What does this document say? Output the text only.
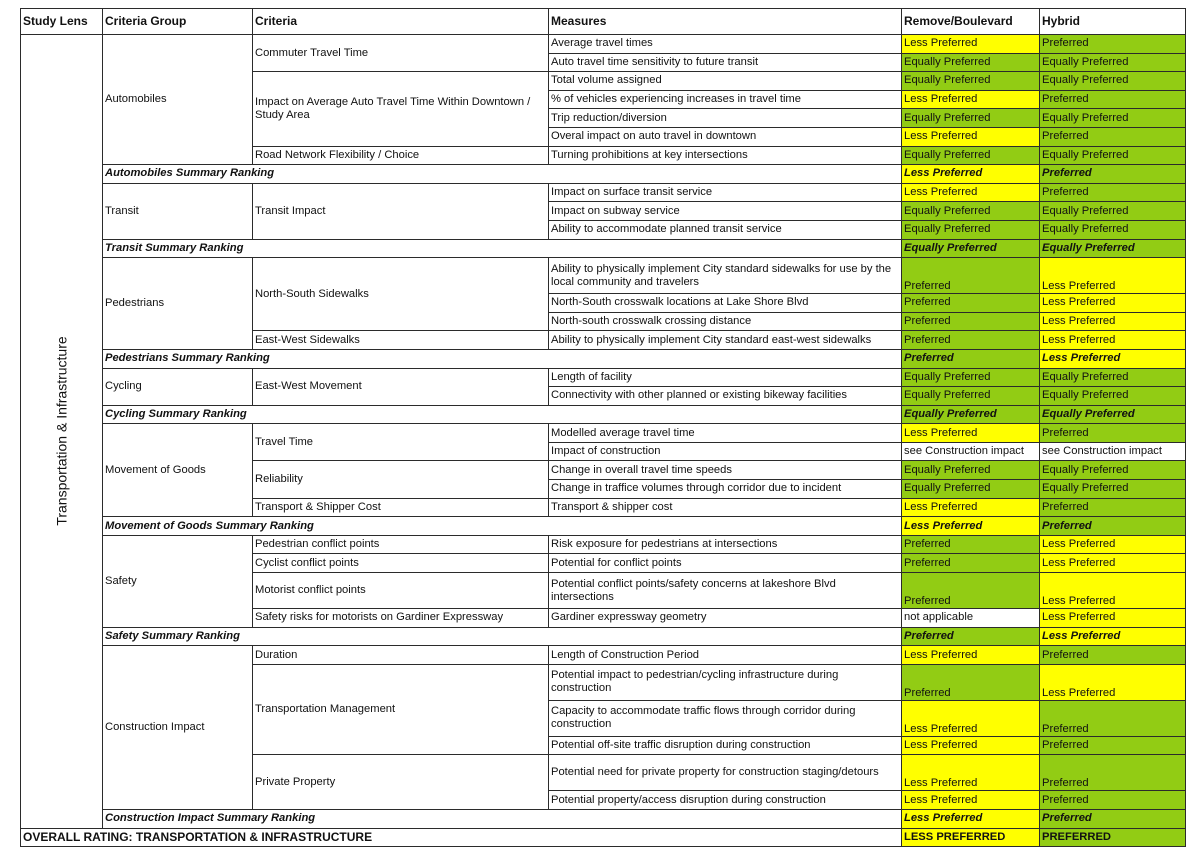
Study Lens	Criteria Group	Criteria	Measures	Remove/Boulevard	Hybrid

Transportation & Infrastructure	Automobiles	Commuter Travel Time	Average travel times	Less Preferred	Preferred
			Auto travel time sensitivity to future transit	Equally Preferred	Equally Preferred
		Impact on Average Auto Travel Time Within Downtown / Study Area	Total volume assigned	Equally Preferred	Equally Preferred
			% of vehicles experiencing increases in travel time	Less Preferred	Preferred
			Trip reduction/diversion	Equally Preferred	Equally Preferred
			Overal impact on auto travel in downtown	Less Preferred	Preferred
		Road Network Flexibility / Choice	Turning prohibitions at key intersections	Equally Preferred	Equally Preferred
	Automobiles Summary Ranking			Less Preferred	Preferred
	Transit	Transit Impact	Impact on surface transit service	Less Preferred	Preferred
			Impact on subway service	Equally Preferred	Equally Preferred
			Ability to accommodate planned transit service	Equally Preferred	Equally Preferred
	Transit Summary Ranking			Equally Preferred	Equally Preferred
	Pedestrians	North-South Sidewalks	Ability to physically implement City standard sidewalks for use by the local community and travelers	Preferred	Less Preferred
			North-South crosswalk locations at Lake Shore Blvd	Preferred	Less Preferred
			North-south crosswalk crossing distance	Preferred	Less Preferred
		East-West Sidewalks	Ability to physically implement City standard east-west sidewalks	Preferred	Less Preferred
	Pedestrians Summary Ranking			Preferred	Less Preferred
	Cycling	East-West Movement	Length of facility	Equally Preferred	Equally Preferred
			Connectivity with other planned or existing bikeway facilities	Equally Preferred	Equally Preferred
	Cycling Summary Ranking			Equally Preferred	Equally Preferred
	Movement of Goods	Travel Time	Modelled average travel time	Less Preferred	Preferred
			Impact of construction	see Construction impact	see Construction impact
		Reliability	Change in overall travel time speeds	Equally Preferred	Equally Preferred
			Change in traffice volumes through corridor due to incident	Equally Preferred	Equally Preferred
		Transport & Shipper Cost	Transport & shipper cost	Less Preferred	Preferred
	Movement of Goods Summary Ranking			Less Preferred	Preferred
	Safety	Pedestrian conflict points	Risk exposure for pedestrians at intersections	Preferred	Less Preferred
		Cyclist conflict points	Potential for conflict points	Preferred	Less Preferred
		Motorist conflict points	Potential conflict points/safety concerns at lakeshore Blvd intersections	Preferred	Less Preferred
		Safety risks for motorists on Gardiner Expressway	Gardiner expressway geometry	not applicable	Less Preferred
	Safety Summary Ranking			Preferred	Less Preferred
	Construction Impact	Duration	Length of Construction Period	Less Preferred	Preferred
		Transportation Management	Potential impact to pedestrian/cycling infrastructure during construction	Preferred	Less Preferred
			Capacity to accommodate traffic flows through corridor during construction	Less Preferred	Preferred
			Potential off-site traffic disruption during construction	Less Preferred	Preferred
		Private Property	Potential need for private property for construction staging/detours	Less Preferred	Preferred
			Potential property/access disruption during construction	Less Preferred	Preferred
	Construction Impact Summary Ranking			Less Preferred	Preferred
OVERALL RATING: TRANSPORTATION & INFRASTRUCTURE				LESS PREFERRED	PREFERRED
